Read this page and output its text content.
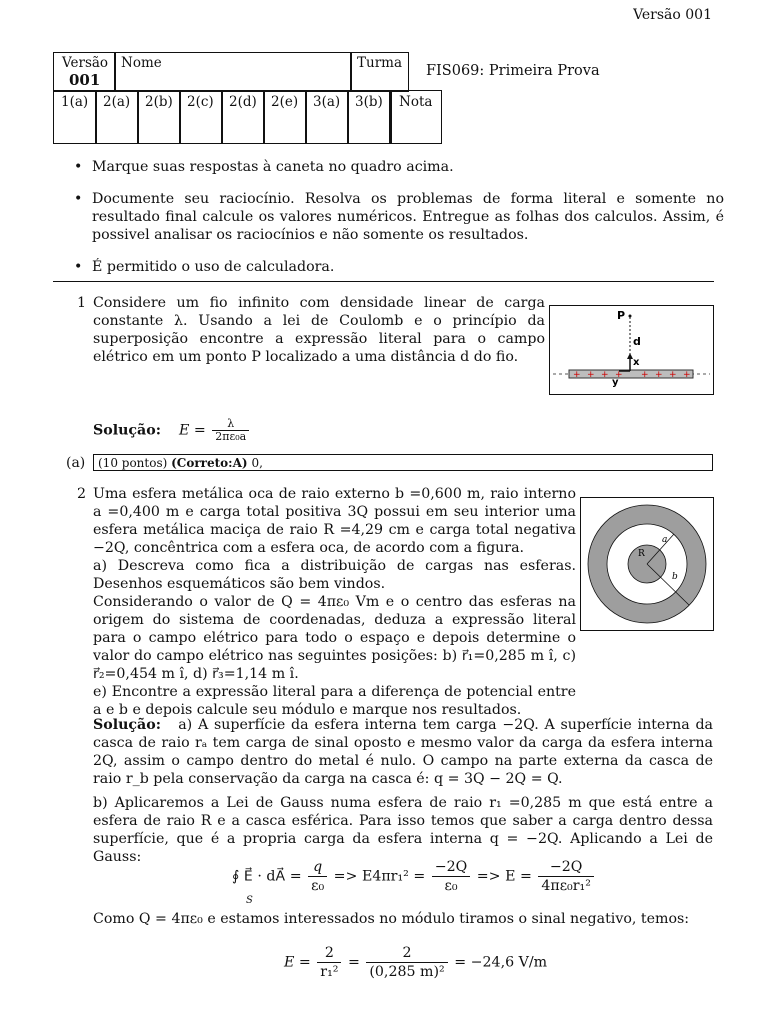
Versão 001
FIS069: Primeira Prova
Versão
001
Nome	Turma
1(a) 2(a) 2(b) 2(c) 2(d) 2(e) 3(a) 3(b) Nota
• Marque suas respostas à caneta no quadro acima.
• Documente seu raciocínio. Resolva os problemas de forma literal e somente no resultado final calcule os valores numéricos. Entregue as folhas dos calculos. Assim, é possivel analisar os raciocínios e não somente os resultados.
• É permitido o uso de calculadora.
1 Considere um fio infinito com densidade linear de carga constante λ. Usando a lei de Coulomb e o princípio da superposição encontre a expressão literal para o campo elétrico em um ponto P localizado a uma distância d do fio.
+ + + + + + + +
P
d
x
y
Solução: $E = \frac{\lambda}{\text{2πε₀a}}$
(a)	(10 pontos) (Correto:A) 0,
2 Uma esfera metálica oca de raio externo b =0,600 m, raio interno a =0,400 m e carga total positiva 3Q possui em seu interior uma esfera metálica maciça de raio R =4,29 cm e carga total negativa −2Q, concêntrica com a esfera oca, de acordo com a figura.
a) Descreva como fica a distribuição de cargas nas esferas. Desenhos esquemáticos são bem vindos.
Considerando o valor de Q = 4πε₀ Vm e o centro das esferas na origem do sistema de coordenadas, deduza a expressão literal para o campo elétrico para todo o espaço e depois determine o valor do campo elétrico nas seguintes posições: b) r⃗₁=0,285 m î, c) r⃗₂=0,454 m î, d) r⃗₃=1,14 m î.
e) Encontre a expressão literal para a diferença de potencial entre a e b e depois calcule seu módulo e marque nos resultados.
R
a
b
Solução: a) A superfície da esfera interna tem carga −2Q. A superfície interna da casca de raio rₐ tem carga de sinal oposto e mesmo valor da carga da esfera interna 2Q, assim o campo dentro do metal é nulo. O campo na parte externa da casca de raio r_b pela conservação da carga na casca é: q = 3Q − 2Q = Q.
b) Aplicaremos a Lei de Gauss numa esfera de raio r₁ =0,285 m que está entre a esfera de raio R e a casca esférica. Para isso temos que saber a carga dentro dessa superfície, que é a propria carga da esfera interna q = −2Q. Aplicando a Lei de Gauss:
∮ E⃗ · dA⃗ = $\frac{q}{\text{ε₀}} => E4\pi r_1^2 = \frac{-2Q}{\text{ε₀}} => E = \frac{-2Q}{\text{4πε₀r₁²}}$
S
Como Q = 4πε₀ e estamos interessados no módulo tiramos o sinal negativo, temos:
$E = \frac{2}{\text{r₁²}} = \frac{2}{\text{(0,285 m)²}} = -24,6$ V/m
